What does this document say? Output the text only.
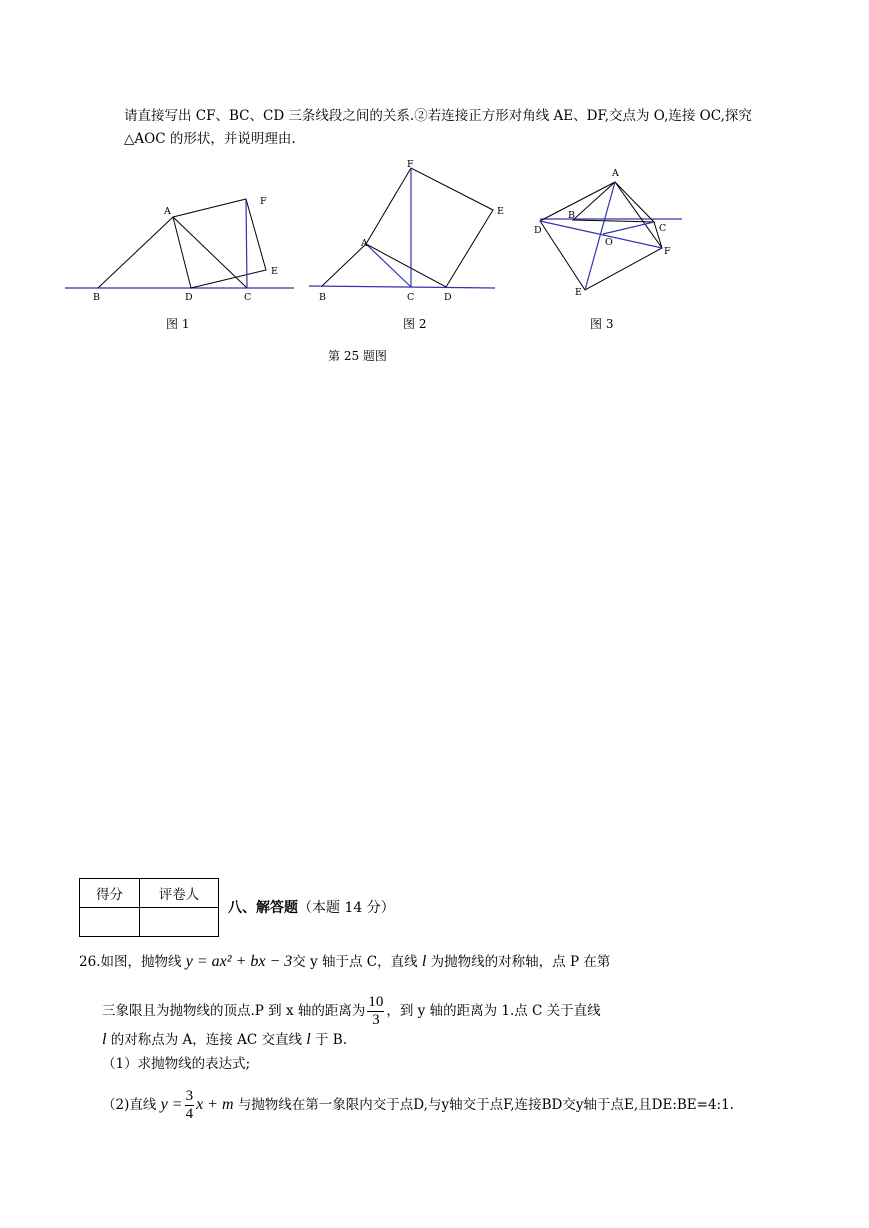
请直接写出 CF、BC、CD 三条线段之间的关系.②若连接正方形对角线 AE、DF,交点为 O,连接 OC,探究
△AOC 的形状，并说明理由.
B
A
F
E
D	C
图 1
F
E
A
B	C	D
图 2
A
B
D	C
O
F
E
图 3
第 25 题图
得分	评卷人

八、解答题（本题 14 分）
26.如图，抛物线 y = ax² + bx − 3交 y 轴于点 C，直线 l 为抛物线的对称轴，点 P 在第
三象限且为抛物线的顶点.P 到 x 轴的距离为 $\frac{10}{3}$ ，到 y 轴的距离为 1.点 C 关于直线
l 的对称点为 A，连接 AC 交直线 l 于 B.
（1）求抛物线的表达式;
（2)直线 $y = \frac{3}{4}$ x + m 与抛物线在第一象限内交于点D,与y轴交于点F,连接BD交y轴于点E,且DE:BE=4:1.
